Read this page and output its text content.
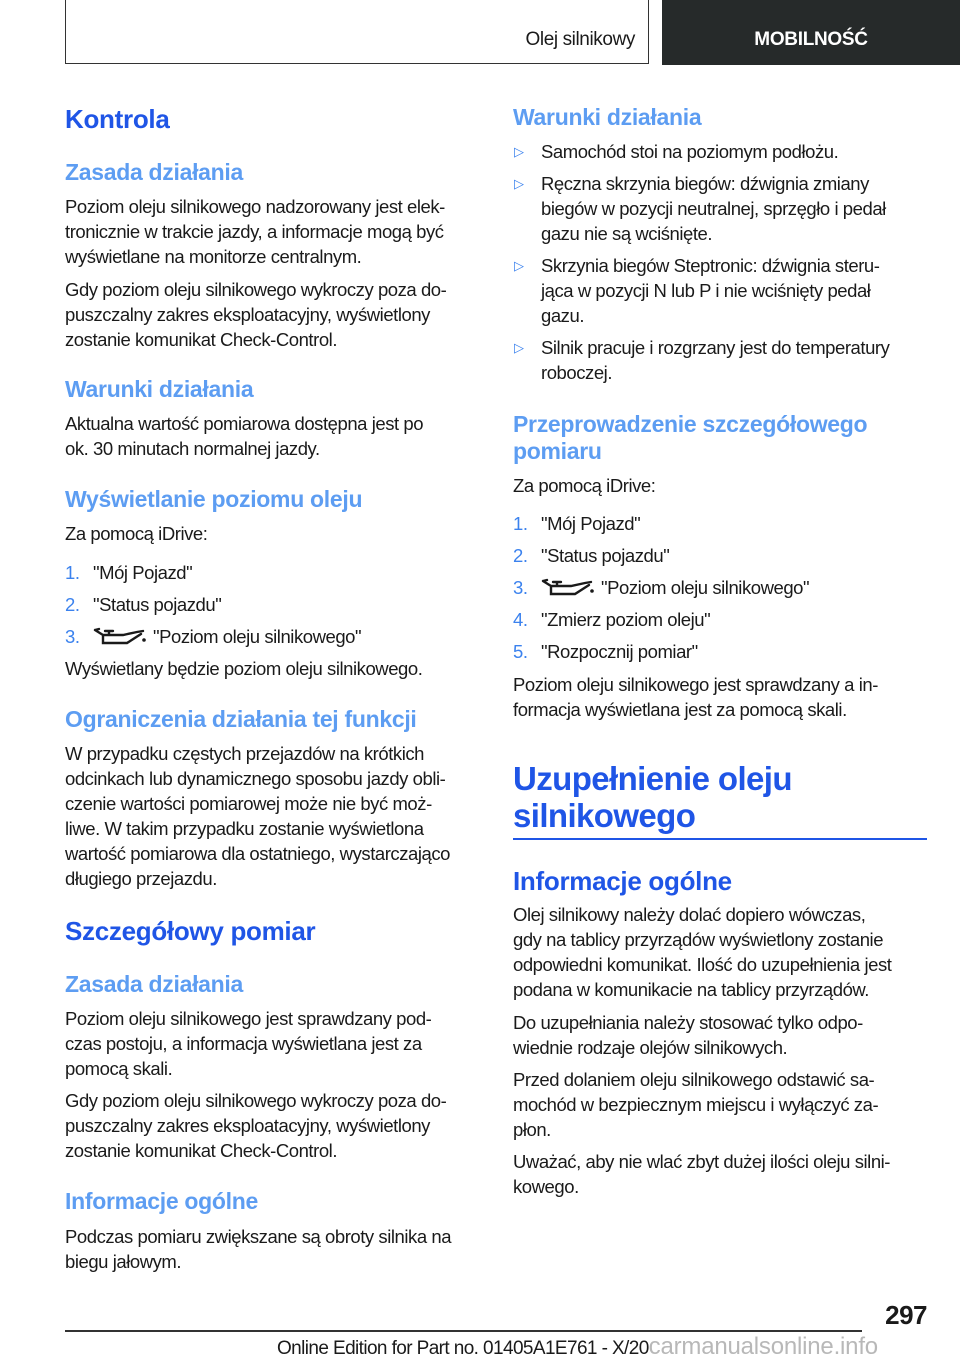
Olej silnikowy	MOBILNOŚĆ
Kontrola
Zasada działania
Poziom oleju silnikowego nadzorowany jest elek-
tronicznie w trakcie jazdy, a informacje mogą być
wyświetlane na monitorze centralnym.
Gdy poziom oleju silnikowego wykroczy poza do-
puszczalny zakres eksploatacyjny, wyświetlony
zostanie komunikat Check-Control.
Warunki działania
Aktualna wartość pomiarowa dostępna jest po
ok. 30 minutach normalnej jazdy.
Wyświetlanie poziomu oleju
Za pomocą iDrive:
1. "Mój Pojazd"
2. "Status pojazdu"
3.	"Poziom oleju silnikowego"
Wyświetlany będzie poziom oleju silnikowego.
Ograniczenia działania tej funkcji
W przypadku częstych przejazdów na krótkich
odcinkach lub dynamicznego sposobu jazdy obli-
czenie wartości pomiarowej może nie być moż-
liwe. W takim przypadku zostanie wyświetlona
wartość pomiarowa dla ostatniego, wystarczająco
długiego przejazdu.
Szczegółowy pomiar
Zasada działania
Poziom oleju silnikowego jest sprawdzany pod-
czas postoju, a informacja wyświetlana jest za
pomocą skali.
Gdy poziom oleju silnikowego wykroczy poza do-
puszczalny zakres eksploatacyjny, wyświetlony
zostanie komunikat Check-Control.
Informacje ogólne
Podczas pomiaru zwiększane są obroty silnika na
biegu jałowym.
Warunki działania
▷ Samochód stoi na poziomym podłożu.
▷ Ręczna skrzynia biegów: dźwignia zmiany
biegów w pozycji neutralnej, sprzęgło i pedał
gazu nie są wciśnięte.
▷ Skrzynia biegów Steptronic: dźwignia steru-
jąca w pozycji N lub P i nie wciśnięty pedał
gazu.
▷ Silnik pracuje i rozgrzany jest do temperatury
roboczej.
Przeprowadzenie szczegółowego
pomiaru
Za pomocą iDrive:
1. "Mój Pojazd"
2. "Status pojazdu"
3.	"Poziom oleju silnikowego"
4. "Zmierz poziom oleju"
5. "Rozpocznij pomiar"
Poziom oleju silnikowego jest sprawdzany a in-
formacja wyświetlana jest za pomocą skali.
Uzupełnienie oleju
silnikowego
Informacje ogólne
Olej silnikowy należy dolać dopiero wówczas,
gdy na tablicy przyrządów wyświetlony zostanie
odpowiedni komunikat. Ilość do uzupełnienia jest
podana w komunikacie na tablicy przyrządów.
Do uzupełniania należy stosować tylko odpo-
wiednie rodzaje olejów silnikowych.
Przed dolaniem oleju silnikowego odstawić sa-
mochód w bezpiecznym miejscu i wyłączyć za-
płon.
Uważać, aby nie wlać zbyt dużej ilości oleju silni-
kowego.
297
Online Edition for Part no. 01405A1E761 - X/20carmanualsonline.info
